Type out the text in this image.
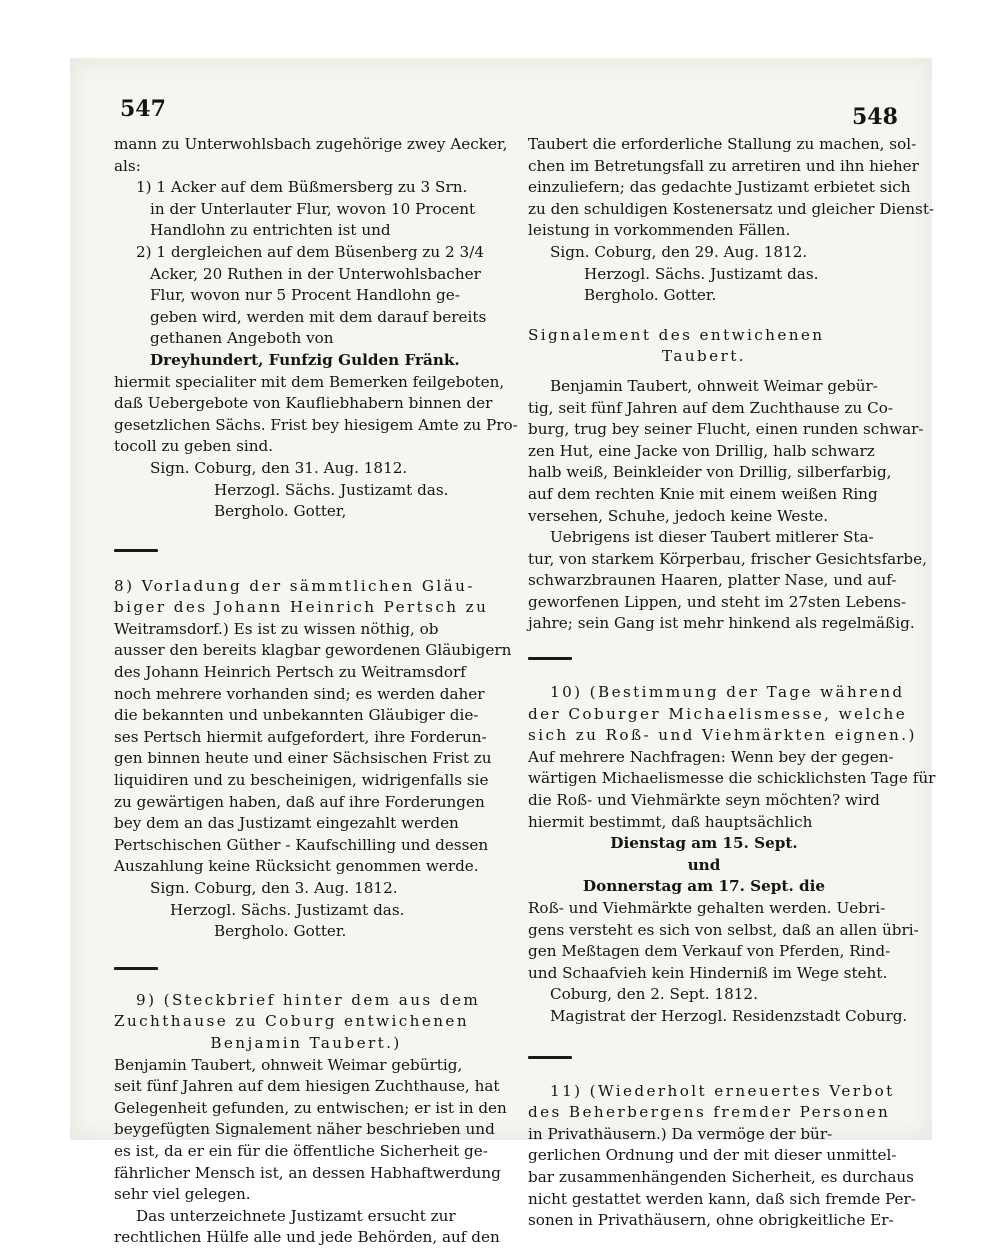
547	548
mann zu Unterwohlsbach zugehörige zwey Aecker,
als:
1) 1 Acker auf dem Büßmersberg zu 3 Srn.
in der Unterlauter Flur, wovon 10 Procent
Handlohn zu entrichten ist und
2) 1 dergleichen auf dem Büsenberg zu 2 3/4
Acker, 20 Ruthen in der Unterwohlsbacher
Flur, wovon nur 5 Procent Handlohn ge-
geben wird, werden mit dem darauf bereits
gethanen Angeboth von
Dreyhundert, Funfzig Gulden Fränk.
hiermit specialiter mit dem Bemerken feilgeboten,
daß Uebergebote von Kaufliebhabern binnen der
gesetzlichen Sächs. Frist bey hiesigem Amte zu Pro-
tocoll zu geben sind.
Sign. Coburg, den 31. Aug. 1812.
Herzogl. Sächs. Justizamt das.
Bergholo. Gotter,
8) Vorladung der sämmtlichen Gläu-
biger des Johann Heinrich Pertsch zu
Weitramsdorf.) Es ist zu wissen nöthig, ob
ausser den bereits klagbar gewordenen Gläubigern
des Johann Heinrich Pertsch zu Weitramsdorf
noch mehrere vorhanden sind; es werden daher
die bekannten und unbekannten Gläubiger die-
ses Pertsch hiermit aufgefordert, ihre Forderun-
gen binnen heute und einer Sächsischen Frist zu
liquidiren und zu bescheinigen, widrigenfalls sie
zu gewärtigen haben, daß auf ihre Forderungen
bey dem an das Justizamt eingezahlt werden
Pertschischen Güther - Kaufschilling und dessen
Auszahlung keine Rücksicht genommen werde.
Sign. Coburg, den 3. Aug. 1812.
Herzogl. Sächs. Justizamt das.
Bergholo. Gotter.
9) (Steckbrief hinter dem aus dem
Zuchthause zu Coburg entwichenen
Benjamin Taubert.)
Benjamin Taubert, ohnweit Weimar gebürtig,
seit fünf Jahren auf dem hiesigen Zuchthause, hat
Gelegenheit gefunden, zu entwischen; er ist in den
beygefügten Signalement näher beschrieben und
es ist, da er ein für die öffentliche Sicherheit ge-
fährlicher Mensch ist, an dessen Habhaftwerdung
sehr viel gelegen.
Das unterzeichnete Justizamt ersucht zur
rechtlichen Hülfe alle und jede Behörden, auf den
Taubert die erforderliche Stallung zu machen, sol-
chen im Betretungsfall zu arretiren und ihn hieher
einzuliefern; das gedachte Justizamt erbietet sich
zu den schuldigen Kostenersatz und gleicher Dienst-
leistung in vorkommenden Fällen.
Sign. Coburg, den 29. Aug. 1812.
Herzogl. Sächs. Justizamt das.
Bergholo. Gotter.
Signalement des entwichenen
Taubert.
Benjamin Taubert, ohnweit Weimar gebür-
tig, seit fünf Jahren auf dem Zuchthause zu Co-
burg, trug bey seiner Flucht, einen runden schwar-
zen Hut, eine Jacke von Drillig, halb schwarz
halb weiß, Beinkleider von Drillig, silberfarbig,
auf dem rechten Knie mit einem weißen Ring
versehen, Schuhe, jedoch keine Weste.
Uebrigens ist dieser Taubert mitlerer Sta-
tur, von starkem Körperbau, frischer Gesichtsfarbe,
schwarzbraunen Haaren, platter Nase, und auf-
geworfenen Lippen, und steht im 27sten Lebens-
jahre; sein Gang ist mehr hinkend als regelmäßig.
10) (Bestimmung der Tage während
der Coburger Michaelismesse, welche
sich zu Roß- und Viehmärkten eignen.)
Auf mehrere Nachfragen: Wenn bey der gegen-
wärtigen Michaelismesse die schicklichsten Tage für
die Roß- und Viehmärkte seyn möchten? wird
hiermit bestimmt, daß hauptsächlich
Dienstag am 15. Sept.
und
Donnerstag am 17. Sept. die
Roß- und Viehmärkte gehalten werden. Uebri-
gens versteht es sich von selbst, daß an allen übri-
gen Meßtagen dem Verkauf von Pferden, Rind-
und Schaafvieh kein Hinderniß im Wege steht.
Coburg, den 2. Sept. 1812.
Magistrat der Herzogl. Residenzstadt Coburg.
11) (Wiederholt erneuertes Verbot
des Beherbergens fremder Personen
in Privathäusern.) Da vermöge der bür-
gerlichen Ordnung und der mit dieser unmittel-
bar zusammenhängenden Sicherheit, es durchaus
nicht gestattet werden kann, daß sich fremde Per-
sonen in Privathäusern, ohne obrigkeitliche Er-
